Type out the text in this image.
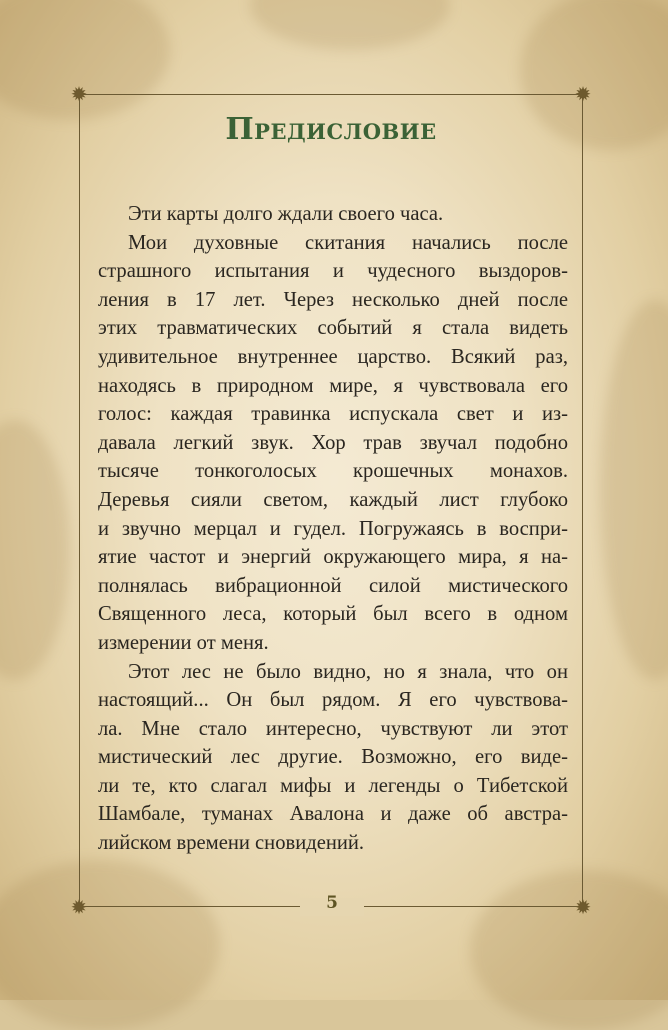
✹	✹
✹	✹
5
Предисловие
Эти карты долго ждали своего часа.
Мои духовные скитания начались после
страшного испытания и чудесного выздоров-
ления в 17 лет. Через несколько дней после
этих травматических событий я стала видеть
удивительное внутреннее царство. Всякий раз,
находясь в природном мире, я чувствовала его
голос: каждая травинка испускала свет и из-
давала легкий звук. Хор трав звучал подобно
тысяче тонкоголосых крошечных монахов.
Деревья сияли светом, каждый лист глубоко
и звучно мерцал и гудел. Погружаясь в воспри-
ятие частот и энергий окружающего мира, я на-
полнялась вибрационной силой мистического
Священного леса, который был всего в одном
измерении от меня.
Этот лес не было видно, но я знала, что он
настоящий... Он был рядом. Я его чувствова-
ла. Мне стало интересно, чувствуют ли этот
мистический лес другие. Возможно, его виде-
ли те, кто слагал мифы и легенды о Тибетской
Шамбале, туманах Авалона и даже об австра-
лийском времени сновидений.
